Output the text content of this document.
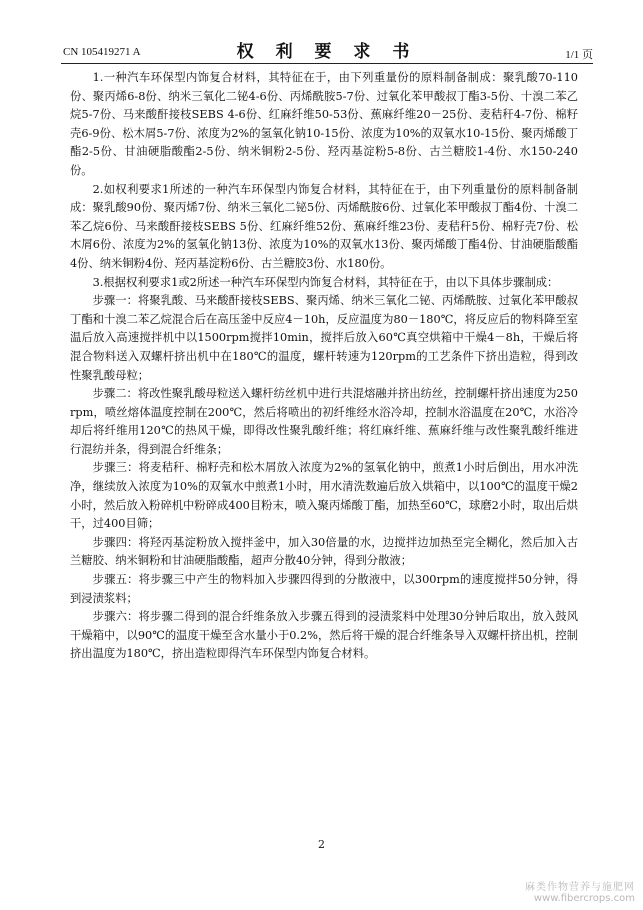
CN 105419271 A	权 利 要 求 书	1/1 页

1.一种汽车环保型内饰复合材料，其特征在于，由下列重量份的原料制备制成：聚乳酸70-110份、聚丙烯6-8份、纳米三氧化二铋4-6份、丙烯酰胺5-7份、过氧化苯甲酸叔丁酯3-5份、十溴二苯乙烷5-7份、马来酸酐接枝SEBS 4-6份、红麻纤维50-53份、蕉麻纤维20－25份、麦秸秆4-7份、棉籽壳6-9份、松木屑5-7份、浓度为2%的氢氧化钠10-15份、浓度为10%的双氧水10-15份、聚丙烯酸丁酯2-5份、甘油硬脂酸酯2-5份、纳米铜粉2-5份、羟丙基淀粉5-8份、古兰糖胶1-4份、水150-240份。

2.如权利要求1所述的一种汽车环保型内饰复合材料，其特征在于，由下列重量份的原料制备制成：聚乳酸90份、聚丙烯7份、纳米三氧化二铋5份、丙烯酰胺6份、过氧化苯甲酸叔丁酯4份、十溴二苯乙烷6份、马来酸酐接枝SEBS 5份、红麻纤维52份、蕉麻纤维23份、麦秸秆5份、棉籽壳7份、松木屑6份、浓度为2%的氢氧化钠13份、浓度为10%的双氧水13份、聚丙烯酸丁酯4份、甘油硬脂酸酯4份、纳米铜粉4份、羟丙基淀粉6份、古兰糖胶3份、水180份。

3.根据权利要求1或2所述一种汽车环保型内饰复合材料，其特征在于，由以下具体步骤制成：

步骤一：将聚乳酸、马来酸酐接枝SEBS、聚丙烯、纳米三氧化二铋、丙烯酰胺、过氧化苯甲酸叔丁酯和十溴二苯乙烷混合后在高压釜中反应4－10h，反应温度为80－180℃，将反应后的物料降至室温后放入高速搅拌机中以1500rpm搅拌10min，搅拌后放入60℃真空烘箱中干燥4－8h，干燥后将混合物料送入双螺杆挤出机中在180℃的温度，螺杆转速为120rpm的工艺条件下挤出造粒，得到改性聚乳酸母粒；

步骤二：将改性聚乳酸母粒送入螺杆纺丝机中进行共混熔融并挤出纺丝，控制螺杆挤出速度为250rpm，喷丝熔体温度控制在200℃，然后将喷出的初纤维经水浴冷却，控制水浴温度在20℃，水浴冷却后将纤维用120℃的热风干燥，即得改性聚乳酸纤维；将红麻纤维、蕉麻纤维与改性聚乳酸纤维进行混纺并条，得到混合纤维条；

步骤三：将麦秸秆、棉籽壳和松木屑放入浓度为2%的氢氧化钠中，煎煮1小时后倒出，用水冲洗净，继续放入浓度为10%的双氧水中煎煮1小时，用水清洗数遍后放入烘箱中，以100℃的温度干燥2小时，然后放入粉碎机中粉碎成400目粉末，喷入聚丙烯酸丁酯，加热至60℃，球磨2小时，取出后烘干，过400目筛；

步骤四：将羟丙基淀粉放入搅拌釜中，加入30倍量的水，边搅拌边加热至完全糊化，然后加入古兰糖胶、纳米铜粉和甘油硬脂酸酯，超声分散40分钟，得到分散液；

步骤五：将步骤三中产生的物料加入步骤四得到的分散液中，以300rpm的速度搅拌50分钟，得到浸渍浆料；

步骤六：将步骤二得到的混合纤维条放入步骤五得到的浸渍浆料中处理30分钟后取出，放入鼓风干燥箱中，以90℃的温度干燥至含水量小于0.2%，然后将干燥的混合纤维条导入双螺杆挤出机，控制挤出温度为180℃，挤出造粒即得汽车环保型内饰复合材料。

2
麻类作物营养与施肥网
www.fibercrops.com
